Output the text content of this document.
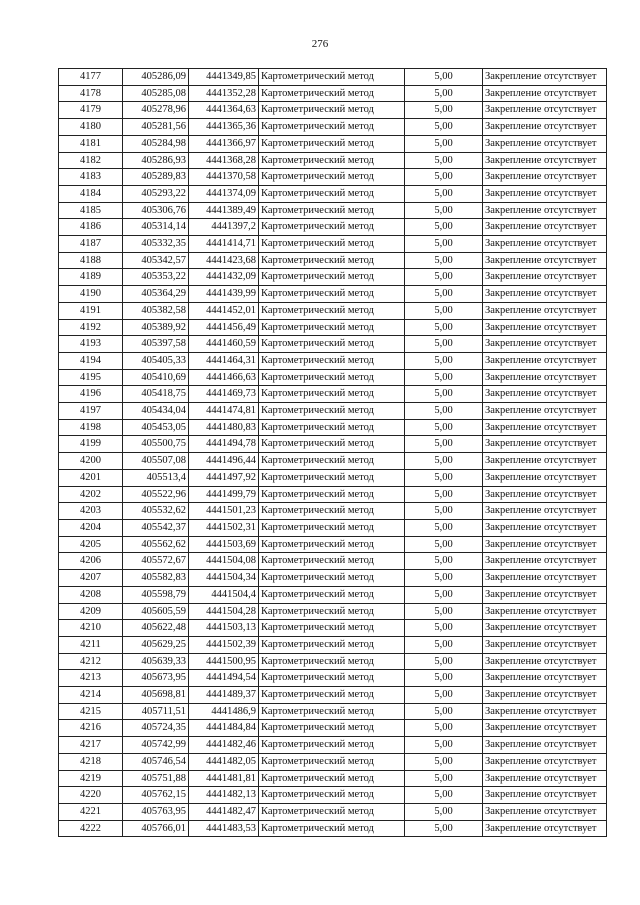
276
4177	405286,09	4441349,85	Картометрический метод	5,00	Закрепление отсутствует
4178	405285,08	4441352,28	Картометрический метод	5,00	Закрепление отсутствует
4179	405278,96	4441364,63	Картометрический метод	5,00	Закрепление отсутствует
4180	405281,56	4441365,36	Картометрический метод	5,00	Закрепление отсутствует
4181	405284,98	4441366,97	Картометрический метод	5,00	Закрепление отсутствует
4182	405286,93	4441368,28	Картометрический метод	5,00	Закрепление отсутствует
4183	405289,83	4441370,58	Картометрический метод	5,00	Закрепление отсутствует
4184	405293,22	4441374,09	Картометрический метод	5,00	Закрепление отсутствует
4185	405306,76	4441389,49	Картометрический метод	5,00	Закрепление отсутствует
4186	405314,14	4441397,2	Картометрический метод	5,00	Закрепление отсутствует
4187	405332,35	4441414,71	Картометрический метод	5,00	Закрепление отсутствует
4188	405342,57	4441423,68	Картометрический метод	5,00	Закрепление отсутствует
4189	405353,22	4441432,09	Картометрический метод	5,00	Закрепление отсутствует
4190	405364,29	4441439,99	Картометрический метод	5,00	Закрепление отсутствует
4191	405382,58	4441452,01	Картометрический метод	5,00	Закрепление отсутствует
4192	405389,92	4441456,49	Картометрический метод	5,00	Закрепление отсутствует
4193	405397,58	4441460,59	Картометрический метод	5,00	Закрепление отсутствует
4194	405405,33	4441464,31	Картометрический метод	5,00	Закрепление отсутствует
4195	405410,69	4441466,63	Картометрический метод	5,00	Закрепление отсутствует
4196	405418,75	4441469,73	Картометрический метод	5,00	Закрепление отсутствует
4197	405434,04	4441474,81	Картометрический метод	5,00	Закрепление отсутствует
4198	405453,05	4441480,83	Картометрический метод	5,00	Закрепление отсутствует
4199	405500,75	4441494,78	Картометрический метод	5,00	Закрепление отсутствует
4200	405507,08	4441496,44	Картометрический метод	5,00	Закрепление отсутствует
4201	405513,4	4441497,92	Картометрический метод	5,00	Закрепление отсутствует
4202	405522,96	4441499,79	Картометрический метод	5,00	Закрепление отсутствует
4203	405532,62	4441501,23	Картометрический метод	5,00	Закрепление отсутствует
4204	405542,37	4441502,31	Картометрический метод	5,00	Закрепление отсутствует
4205	405562,62	4441503,69	Картометрический метод	5,00	Закрепление отсутствует
4206	405572,67	4441504,08	Картометрический метод	5,00	Закрепление отсутствует
4207	405582,83	4441504,34	Картометрический метод	5,00	Закрепление отсутствует
4208	405598,79	4441504,4	Картометрический метод	5,00	Закрепление отсутствует
4209	405605,59	4441504,28	Картометрический метод	5,00	Закрепление отсутствует
4210	405622,48	4441503,13	Картометрический метод	5,00	Закрепление отсутствует
4211	405629,25	4441502,39	Картометрический метод	5,00	Закрепление отсутствует
4212	405639,33	4441500,95	Картометрический метод	5,00	Закрепление отсутствует
4213	405673,95	4441494,54	Картометрический метод	5,00	Закрепление отсутствует
4214	405698,81	4441489,37	Картометрический метод	5,00	Закрепление отсутствует
4215	405711,51	4441486,9	Картометрический метод	5,00	Закрепление отсутствует
4216	405724,35	4441484,84	Картометрический метод	5,00	Закрепление отсутствует
4217	405742,99	4441482,46	Картометрический метод	5,00	Закрепление отсутствует
4218	405746,54	4441482,05	Картометрический метод	5,00	Закрепление отсутствует
4219	405751,88	4441481,81	Картометрический метод	5,00	Закрепление отсутствует
4220	405762,15	4441482,13	Картометрический метод	5,00	Закрепление отсутствует
4221	405763,95	4441482,47	Картометрический метод	5,00	Закрепление отсутствует
4222	405766,01	4441483,53	Картометрический метод	5,00	Закрепление отсутствует
